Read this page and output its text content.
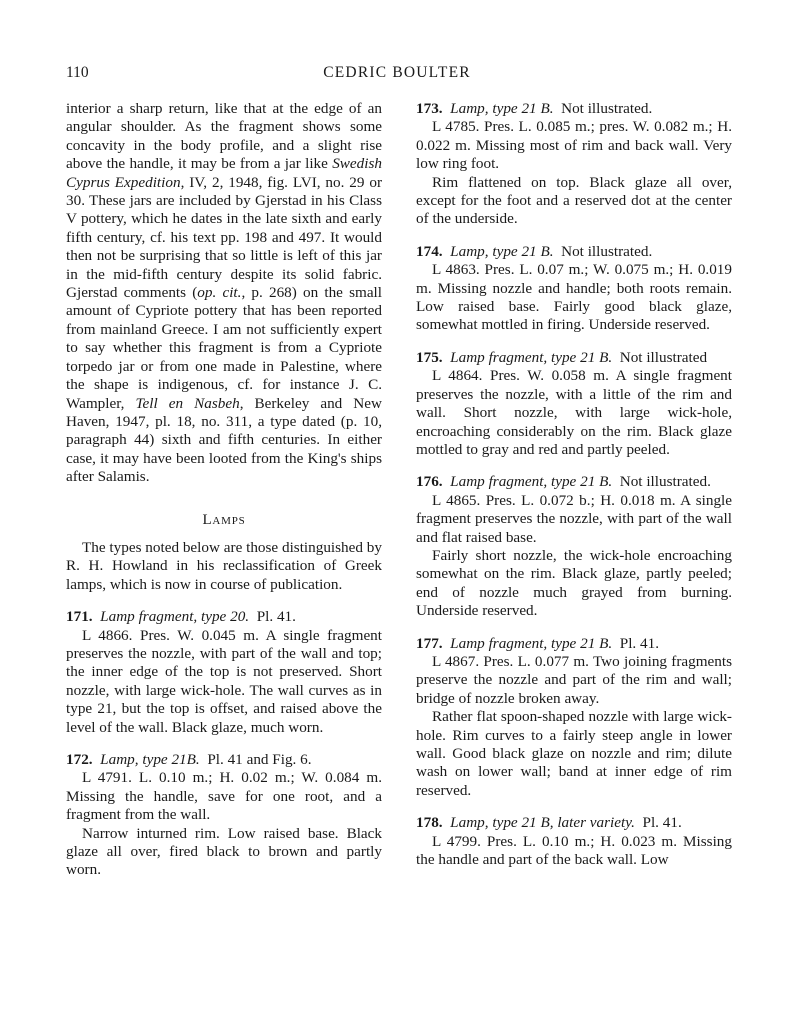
110	CEDRIC BOULTER

interior a sharp return, like that at the edge of an angular shoulder. As the fragment shows some concavity in the body profile, and a slight rise above the handle, it may be from a jar like Swedish Cyprus Expedition, IV, 2, 1948, fig. LVI, no. 29 or 30. These jars are included by Gjerstad in his Class V pottery, which he dates in the late sixth and early fifth century, cf. his text pp. 198 and 497. It would then not be surprising that so little is left of this jar in the mid-fifth century despite its solid fabric. Gjerstad comments (op. cit., p. 268) on the small amount of Cypriote pottery that has been reported from mainland Greece. I am not sufficiently expert to say whether this fragment is from a Cypriote torpedo jar or from one made in Palestine, where the shape is indigenous, cf. for instance J. C. Wampler, Tell en Nasbeh, Berkeley and New Haven, 1947, pl. 18, no. 311, a type dated (p. 10, paragraph 44) sixth and fifth centuries. In either case, it may have been looted from the King's ships after Salamis.

Lamps

The types noted below are those distinguished by R. H. Howland in his reclassification of Greek lamps, which is now in course of publication.

171. Lamp fragment, type 20. Pl. 41.

L 4866. Pres. W. 0.045 m. A single fragment preserves the nozzle, with part of the wall and top; the inner edge of the top is not preserved. Short nozzle, with large wick-hole. The wall curves as in type 21, but the top is offset, and raised above the level of the wall. Black glaze, much worn.

172. Lamp, type 21B. Pl. 41 and Fig. 6.

L 4791. L. 0.10 m.; H. 0.02 m.; W. 0.084 m. Missing the handle, save for one root, and a fragment from the wall.

Narrow inturned rim. Low raised base. Black glaze all over, fired black to brown and partly worn.

173. Lamp, type 21 B. Not illustrated.

L 4785. Pres. L. 0.085 m.; pres. W. 0.082 m.; H. 0.022 m. Missing most of rim and back wall. Very low ring foot.

Rim flattened on top. Black glaze all over, except for the foot and a reserved dot at the center of the underside.

174. Lamp, type 21 B. Not illustrated.

L 4863. Pres. L. 0.07 m.; W. 0.075 m.; H. 0.019 m. Missing nozzle and handle; both roots remain. Low raised base. Fairly good black glaze, somewhat mottled in firing. Underside reserved.

175. Lamp fragment, type 21 B. Not illustrated

L 4864. Pres. W. 0.058 m. A single fragment preserves the nozzle, with a little of the rim and wall. Short nozzle, with large wick-hole, encroaching considerably on the rim. Black glaze mottled to gray and red and partly peeled.

176. Lamp fragment, type 21 B. Not illustrated.

L 4865. Pres. L. 0.072 b.; H. 0.018 m. A single fragment preserves the nozzle, with part of the wall and flat raised base.

Fairly short nozzle, the wick-hole encroaching somewhat on the rim. Black glaze, partly peeled; end of nozzle much grayed from burning. Underside reserved.

177. Lamp fragment, type 21 B. Pl. 41.

L 4867. Pres. L. 0.077 m. Two joining fragments preserve the nozzle and part of the rim and wall; bridge of nozzle broken away.

Rather flat spoon-shaped nozzle with large wick-hole. Rim curves to a fairly steep angle in lower wall. Good black glaze on nozzle and rim; dilute wash on lower wall; band at inner edge of rim reserved.

178. Lamp, type 21 B, later variety. Pl. 41.

L 4799. Pres. L. 0.10 m.; H. 0.023 m. Missing the handle and part of the back wall. Low
